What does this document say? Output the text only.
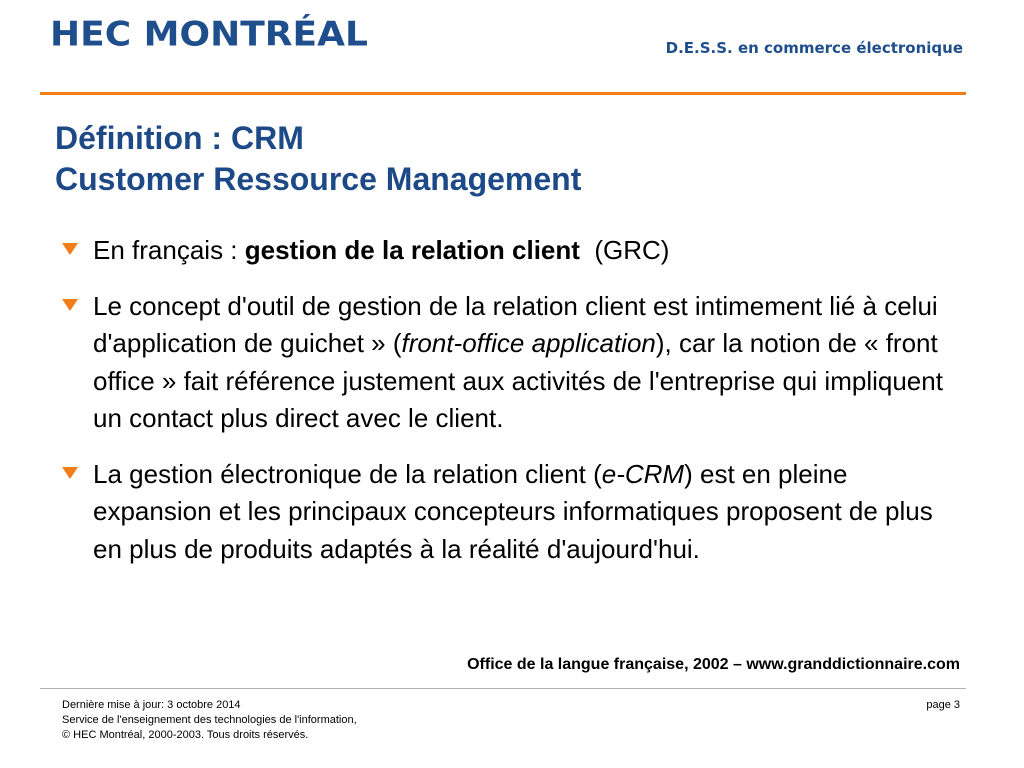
HEC MONTRÉAL	D.E.S.S. en commerce électronique
Définition : CRM
Customer Ressource Management
En français : gestion de la relation client  (GRC)
Le concept d'outil de gestion de la relation client est intimement lié à celui d'application de guichet » (front-office application), car la notion de « front office » fait référence justement aux activités de l'entreprise qui impliquent un contact plus direct avec le client.
La gestion électronique de la relation client (e-CRM) est en pleine expansion et les principaux concepteurs informatiques proposent de plus en plus de produits adaptés à la réalité d'aujourd'hui.

Office de la langue française, 2002 – www.granddictionnaire.com

Dernière mise à jour: 3 octobre 2014
Service de l'enseignement des technologies de l'information,
© HEC Montréal, 2000-2003. Tous droits réservés.

page 3
